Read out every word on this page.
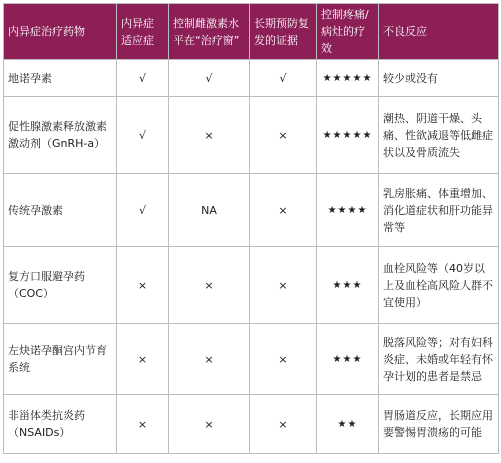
内异症治疗药物	内异症适应症	控制雌激素水平在“治疗窗”	长期预防复发的证据	控制疼痛/病灶的疗效	不良反应
地诺孕素	√	√	√	★★★★★	较少或没有
促性腺激素释放激素激动剂（GnRH-a）	√	×	×	★★★★★	潮热、阴道干燥、头痛、性欲减退等低雌症状以及骨质流失
传统孕激素	√	NA	×	★★★★	乳房胀痛、体重增加、消化道症状和肝功能异常等
复方口服避孕药（COC）	×	×	×	★★★	血栓风险等（40岁以上及血栓高风险人群不宜使用）
左炔诺孕酮宫内节育系统	×	×	×	★★★	脱落风险等；对有妇科炎症、未婚或年轻有怀孕计划的患者是禁忌
非甾体类抗炎药（NSAIDs）	×	×	×	★★	胃肠道反应，长期应用要警惕胃溃疡的可能
